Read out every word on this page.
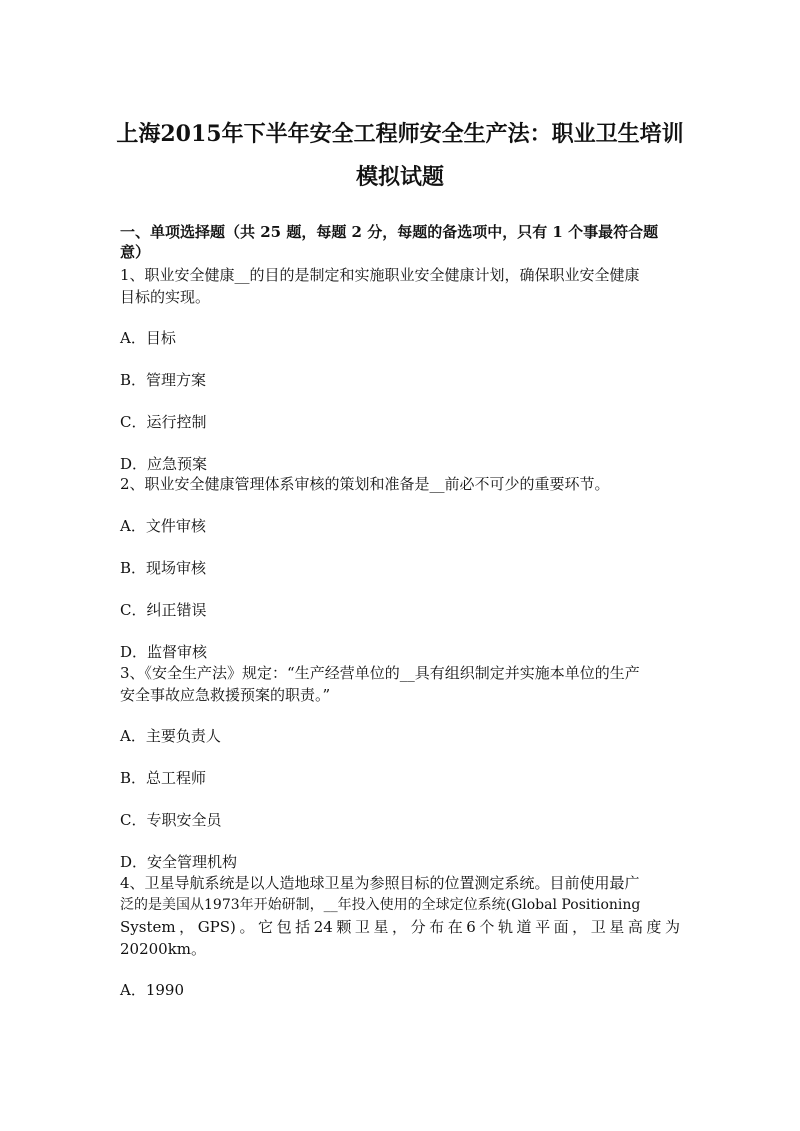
上海2015年下半年安全工程师安全生产法：职业卫生培训
模拟试题
一、单项选择题（共 25 题，每题 2 分，每题的备选项中，只有 1 个事最符合题
意）
1、职业安全健康__的目的是制定和实施职业安全健康计划，确保职业安全健康
目标的实现。
A．目标
B．管理方案
C．运行控制
D．应急预案
2、职业安全健康管理体系审核的策划和准备是__前必不可少的重要环节。
A．文件审核
B．现场审核
C．纠正错误
D．监督审核
3、《安全生产法》规定：“生产经营单位的__具有组织制定并实施本单位的生产
安全事故应急救援预案的职责。”
A．主要负责人
B．总工程师
C．专职安全员
D．安全管理机构
4、卫星导航系统是以人造地球卫星为参照目标的位置测定系统。目前使用最广
泛的是美国从1973年开始研制，__年投入使用的全球定位系统(Global Positioning
System，GPS)。它包括24颗卫星，分布在6个轨道平面，卫星高度为
20200km。
A．1990
